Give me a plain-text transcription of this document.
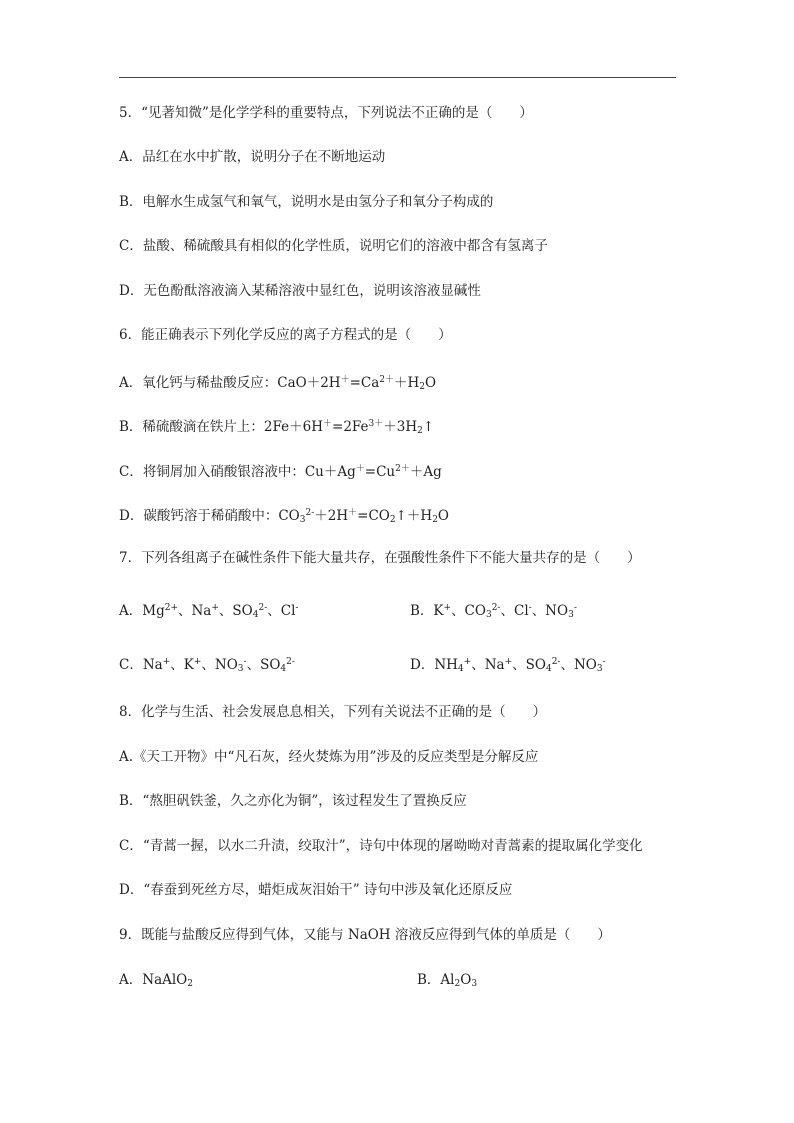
5．“见著知微”是化学学科的重要特点，下列说法不正确的是（　　）
A．品红在水中扩散，说明分子在不断地运动
B．电解水生成氢气和氧气，说明水是由氢分子和氧分子构成的
C．盐酸、稀硫酸具有相似的化学性质，说明它们的溶液中都含有氢离子
D．无色酚酞溶液滴入某稀溶液中显红色，说明该溶液显碱性
6．能正确表示下列化学反应的离子方程式的是（　　）
A．氧化钙与稀盐酸反应：$CaO+2H^+=Ca^{2+}+H_2O$
B．稀硫酸滴在铁片上：$2Fe+6H^+=2Fe^{3+}+3H_2↑$
C．将铜屑加入硝酸银溶液中：$Cu+Ag^+=Cu^{2+}+Ag$
D．碳酸钙溶于稀硝酸中：$CO_3^{2-}+2H^+=CO_2↑+H_2O$
7．下列各组离子在碱性条件下能大量共存，在强酸性条件下不能大量共存的是（　　）
A．$Mg^{2+}$、Na+、$SO_4^{2-}$、Cl-	B．K+、$CO_3^{2-}$、Cl-、$NO_3^-$
C．Na+、K+、$NO_3^-$、$SO_4^{2-}$	D．$NH_4^+$、Na+、$SO_4^{2-}$、$NO_3^-$
8．化学与生活、社会发展息息相关，下列有关说法不正确的是（　　）
A.《天工开物》中“凡石灰，经火焚炼为用”涉及的反应类型是分解反应
B．“熬胆矾铁釜，久之亦化为铜”，该过程发生了置换反应
C．“青蒿一握，以水二升渍，绞取汁”，诗句中体现的屠呦呦对青蒿素的提取属化学变化
D．“春蚕到死丝方尽，蜡炬成灰泪始干” 诗句中涉及氧化还原反应
9．既能与盐酸反应得到气体，又能与 NaOH 溶液反应得到气体的单质是（　　）
A．NaAlO$_2$	B．$Al_2O_3$
